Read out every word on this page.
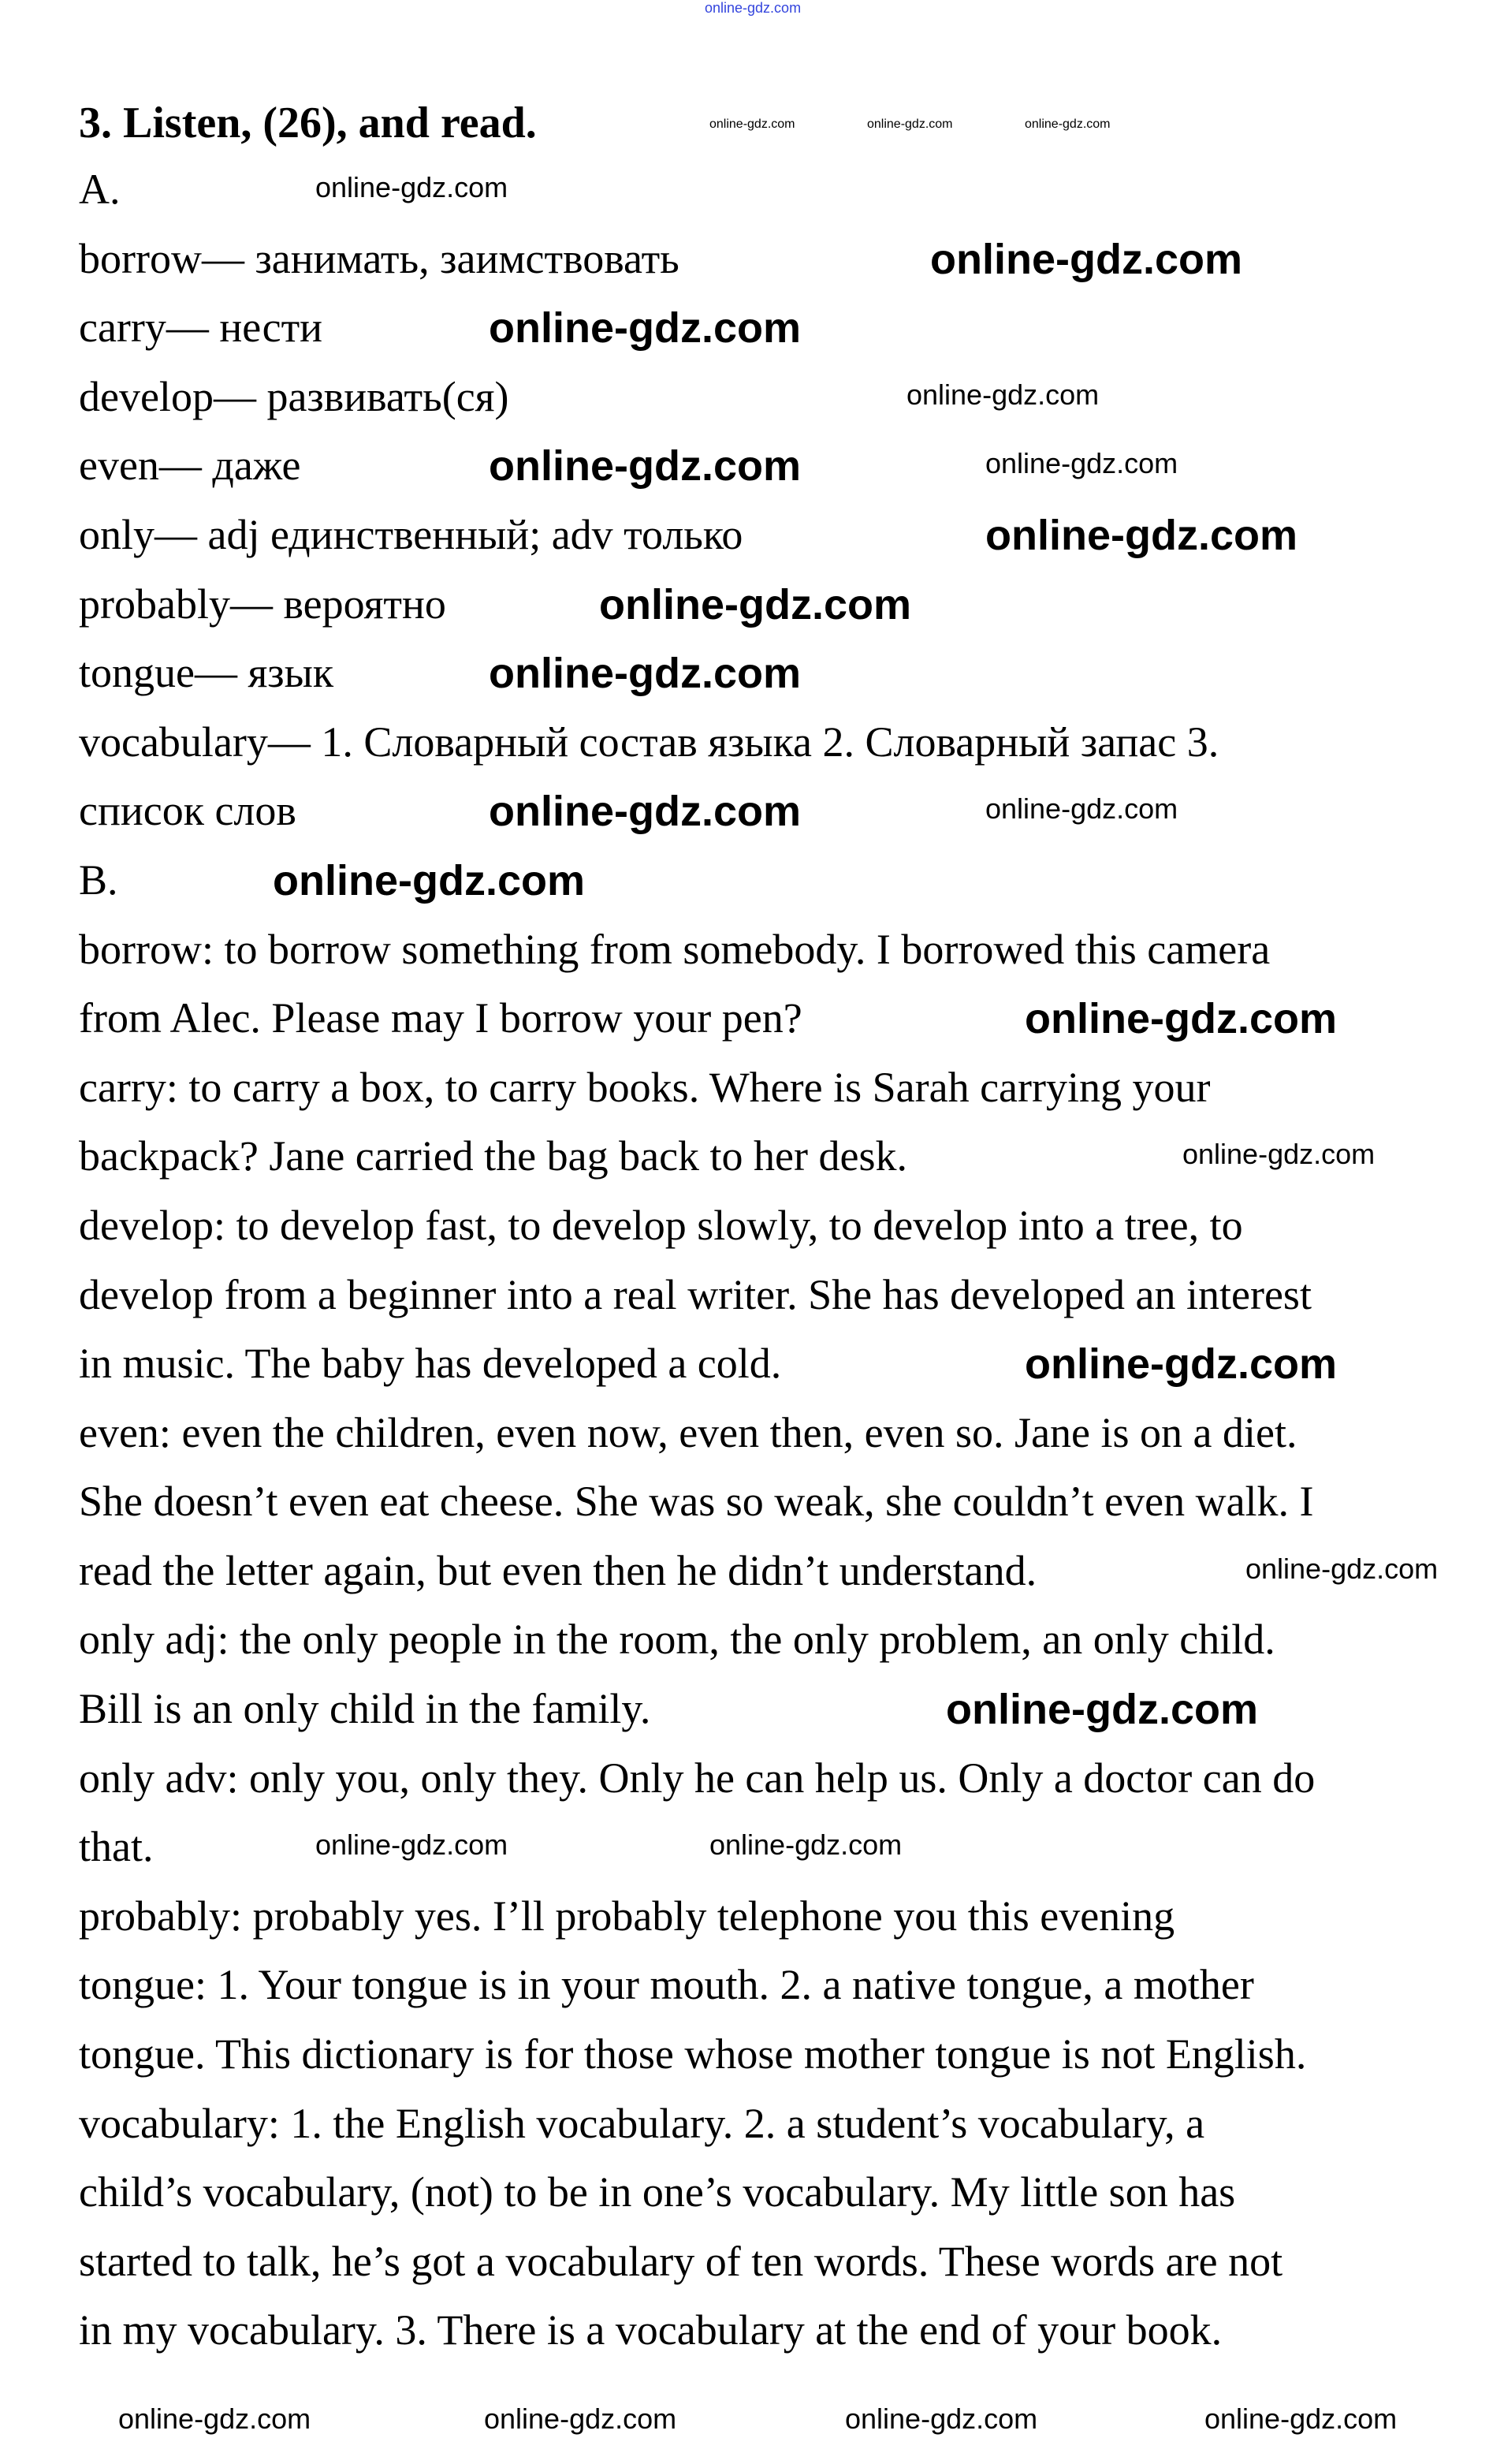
online-gdz.com
3. Listen, (26), and read.
A.
borrow— занимать, заимствовать
carry— нести
develop— развивать(ся)
even— даже
only— adj единственный; adv только
probably— вероятно
tongue— язык
vocabulary— 1. Словарный состав языка 2. Словарный запас 3.
список слов
B.
borrow: to borrow something from somebody. I borrowed this camera
from Alec. Please may I borrow your pen?
carry: to carry a box, to carry books. Where is Sarah carrying your
backpack? Jane carried the bag back to her desk.
develop: to develop fast, to develop slowly, to develop into a tree, to
develop from a beginner into a real writer. She has developed an interest
in music. The baby has developed a cold.
even: even the children, even now, even then, even so. Jane is on a diet.
She doesn’t even eat cheese. She was so weak, she couldn’t even walk. I
read the letter again, but even then he didn’t understand.
only adj: the only people in the room, the only problem, an only child.
Bill is an only child in the family.
only adv: only you, only they. Only he can help us. Only a doctor can do
that.
probably: probably yes. I’ll probably telephone you this evening
tongue: 1. Your tongue is in your mouth. 2. a native tongue, a mother
tongue. This dictionary is for those whose mother tongue is not English.
vocabulary: 1. the English vocabulary. 2. a student’s vocabulary, a
child’s vocabulary, (not) to be in one’s vocabulary. My little son has
started to talk, he’s got a vocabulary of ten words. These words are not
in my vocabulary. 3. There is a vocabulary at the end of your book.
online-gdz.com	online-gdz.com	online-gdz.com
online-gdz.com
online-gdz.com
online-gdz.com
online-gdz.com
online-gdz.com
online-gdz.com
online-gdz.com
online-gdz.com
online-gdz.com
online-gdz.com
online-gdz.com
online-gdz.com
online-gdz.com
online-gdz.com
online-gdz.com
online-gdz.com
online-gdz.com
online-gdz.com	online-gdz.com
online-gdz.com	online-gdz.com	online-gdz.com	online-gdz.com
